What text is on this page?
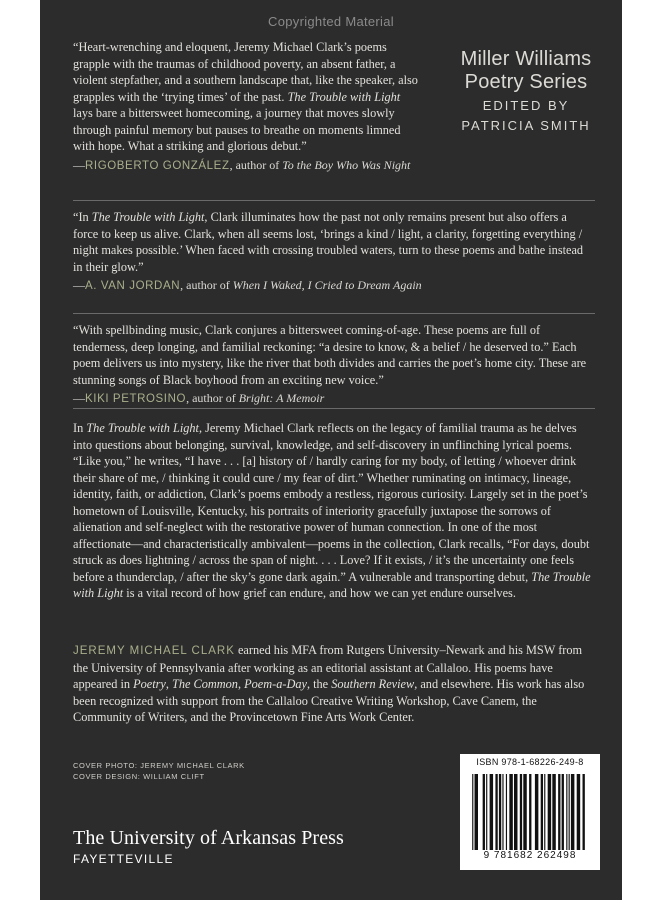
Copyrighted Material
Miller Williams
Poetry Series
EDITED BY
PATRICIA SMITH

“Heart-wrenching and eloquent, Jeremy Michael Clark’s poems grapple with the traumas of childhood poverty, an absent father, a violent stepfather, and a southern landscape that, like the speaker, also grapples with the ‘trying times’ of the past. The Trouble with Light lays bare a bittersweet homecoming, a journey that moves slowly through painful memory but pauses to breathe on moments limned with hope. What a striking and glorious debut.”

—RIGOBERTO GONZÁLEZ, author of To the Boy Who Was Night

“In The Trouble with Light, Clark illuminates how the past not only remains present but also offers a force to keep us alive. Clark, when all seems lost, ‘brings a kind / light, a clarity, forgetting everything / night makes possible.’ When faced with crossing troubled waters, turn to these poems and bathe instead in their glow.”

—A. VAN JORDAN, author of When I Waked, I Cried to Dream Again

“With spellbinding music, Clark conjures a bittersweet coming-of-age. These poems are full of tenderness, deep longing, and familial reckoning: “a desire to know, & a belief / he deserved to.” Each poem delivers us into mystery, like the river that both divides and carries the poet’s home city. These are stunning songs of Black boyhood from an exciting new voice.”

—KIKI PETROSINO, author of Bright: A Memoir

In The Trouble with Light, Jeremy Michael Clark reflects on the legacy of familial trauma as he delves into questions about belonging, survival, knowledge, and self-discovery in unflinching lyrical poems. “Like you,” he writes, “I have . . . [a] history of / hardly caring for my body, of letting / whoever drink their share of me, / thinking it could cure / my fear of dirt.” Whether ruminating on intimacy, lineage, identity, faith, or addiction, Clark’s poems embody a restless, rigorous curiosity. Largely set in the poet’s hometown of Louisville, Kentucky, his portraits of interiority gracefully juxtapose the sorrows of alienation and self-neglect with the restorative power of human connection. In one of the most affectionate—and characteristically ambivalent—poems in the collection, Clark recalls, “For days, doubt struck as does lightning / across the span of night. . . . Love? If it exists, / it’s the uncertainty one feels before a thunderclap, / after the sky’s gone dark again.” A vulnerable and transporting debut, The Trouble with Light is a vital record of how grief can endure, and how we can yet endure ourselves.

JEREMY MICHAEL CLARK earned his MFA from Rutgers University–Newark and his MSW from the University of Pennsylvania after working as an editorial assistant at Callaloo. His poems have appeared in Poetry, The Common, Poem-a-Day, the Southern Review, and elsewhere. His work has also been recognized with support from the Callaloo Creative Writing Workshop, Cave Canem, the Community of Writers, and the Provincetown Fine Arts Work Center.

COVER PHOTO: JEREMY MICHAEL CLARK
COVER DESIGN: WILLIAM CLIFT
The University of Arkansas Press
FAYETTEVILLE
ISBN 978-1-68226-249-8
9 781682 262498
